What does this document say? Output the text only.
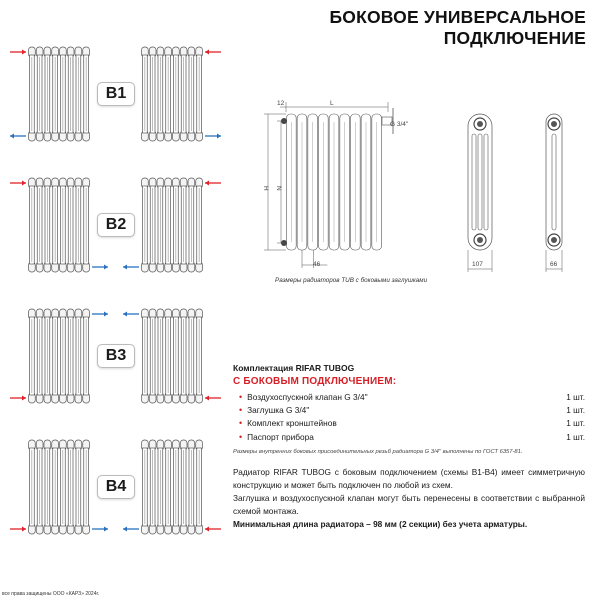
БОКОВОЕ УНИВЕРСАЛЬНОЕ
ПОДКЛЮЧЕНИЕ
B1
B2
B3
B4
12	L
G 3/4''
H N
46	107	66
Размеры радиаторов TUB с боковыми заглушками
Комплектация RIFAR TUBOG
С БОКОВЫМ ПОДКЛЮЧЕНИЕМ:
• Воздухоспускной клапан G 3/4''	1 шт.
• Заглушка G 3/4''	1 шт.
• Комплект кронштейнов	1 шт.
• Паспорт прибора	1 шт.
Размеры внутренних боковых присоединительных резьб радиатора G 3/4'' выполнены по ГОСТ 6357-81.

Радиатор RIFAR TUBOG с боковым подключением (схемы B1-B4) имеет симметричную конструкцию и может быть подключен по любой из схем.

Заглушка и воздухоспускной клапан могут быть перенесены в соответствии с выбранной схемой монтажа.

Минимальная длина радиатора – 98 мм (2 секции) без учета арматуры.

все права защищены ООО «КАРЗ» 2024г.
